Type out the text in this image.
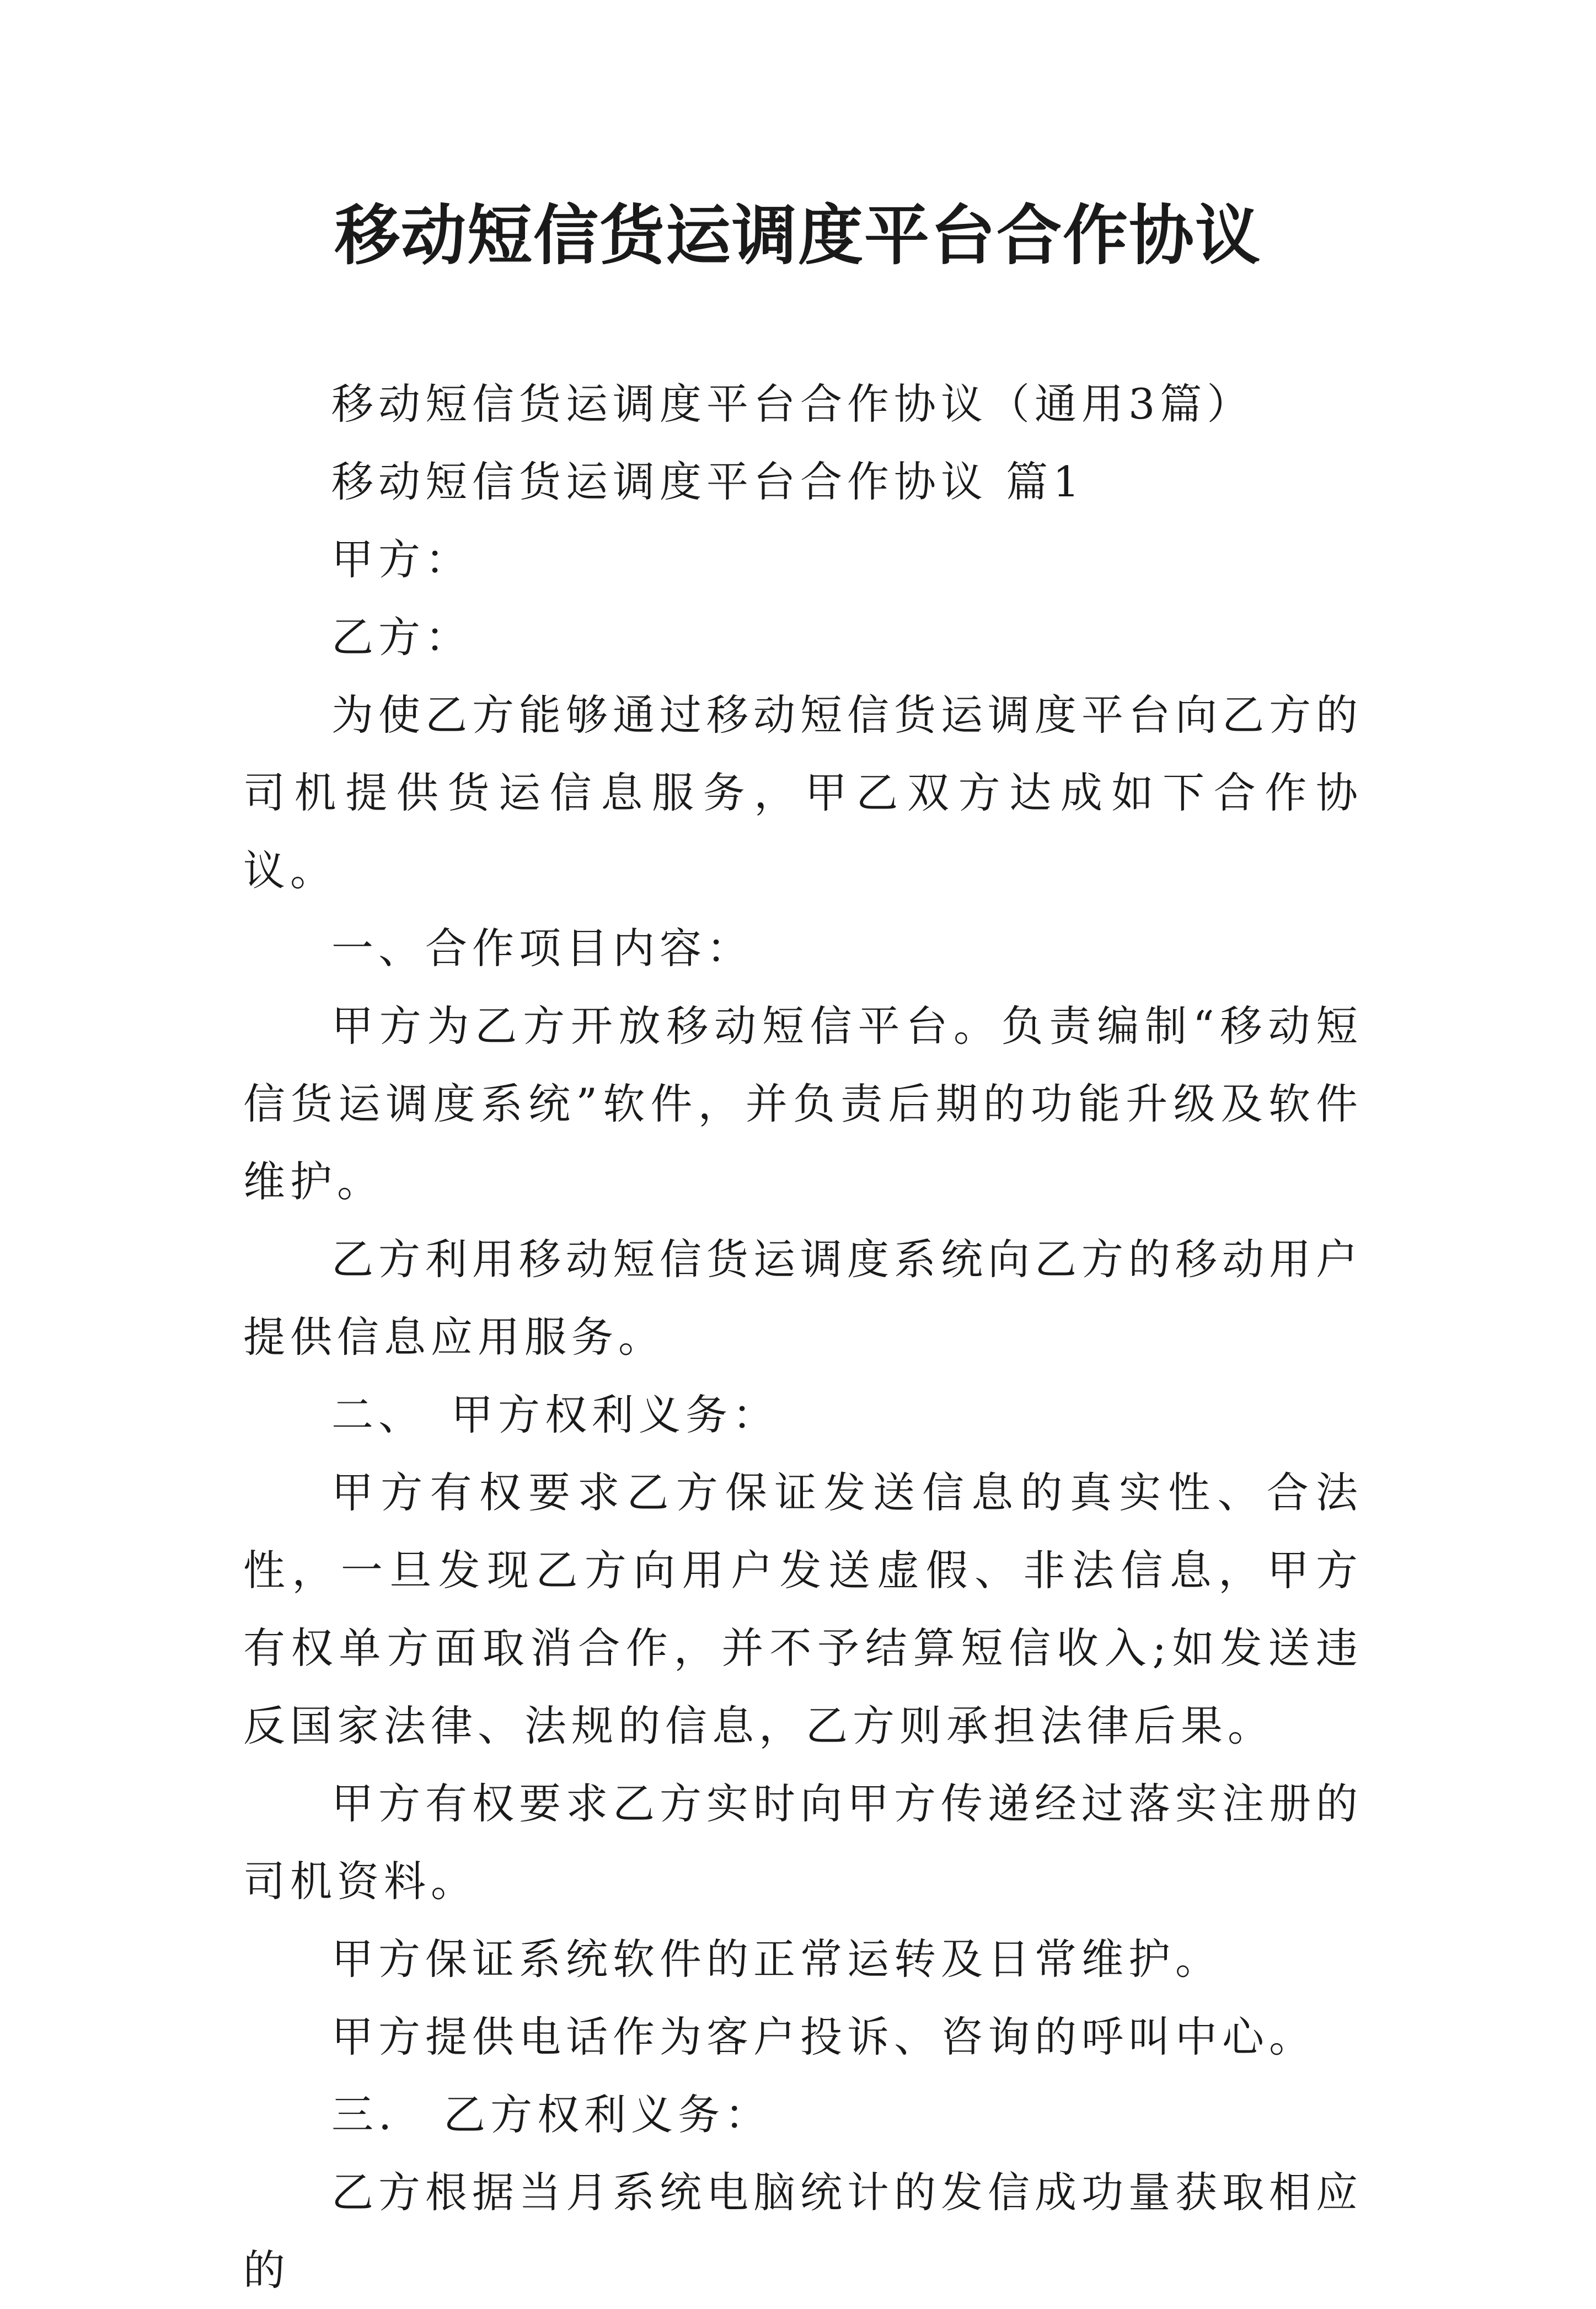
移动短信货运调度平台合作协议

移动短信货运调度平台合作协议（通用3篇）

移动短信货运调度平台合作协议 篇1

甲方：

乙方：

为使乙方能够通过移动短信货运调度平台向乙方的司机提供货运信息服务，甲乙双方达成如下合作协议。

一、合作项目内容：

甲方为乙方开放移动短信平台。负责编制“移动短信货运调度系统”软件，并负责后期的功能升级及软件维护。

乙方利用移动短信货运调度系统向乙方的移动用户提供信息应用服务。

二、　甲方权利义务：

甲方有权要求乙方保证发送信息的真实性、合法性，一旦发现乙方向用户发送虚假、非法信息，甲方有权单方面取消合作，并不予结算短信收入;如发送违反国家法律、法规的信息，乙方则承担法律后果。

甲方有权要求乙方实时向甲方传递经过落实注册的司机资料。

甲方保证系统软件的正常运转及日常维护。

甲方提供电话作为客户投诉、咨询的呼叫中心。

三.　乙方权利义务：

乙方根据当月系统电脑统计的发信成功量获取相应的
